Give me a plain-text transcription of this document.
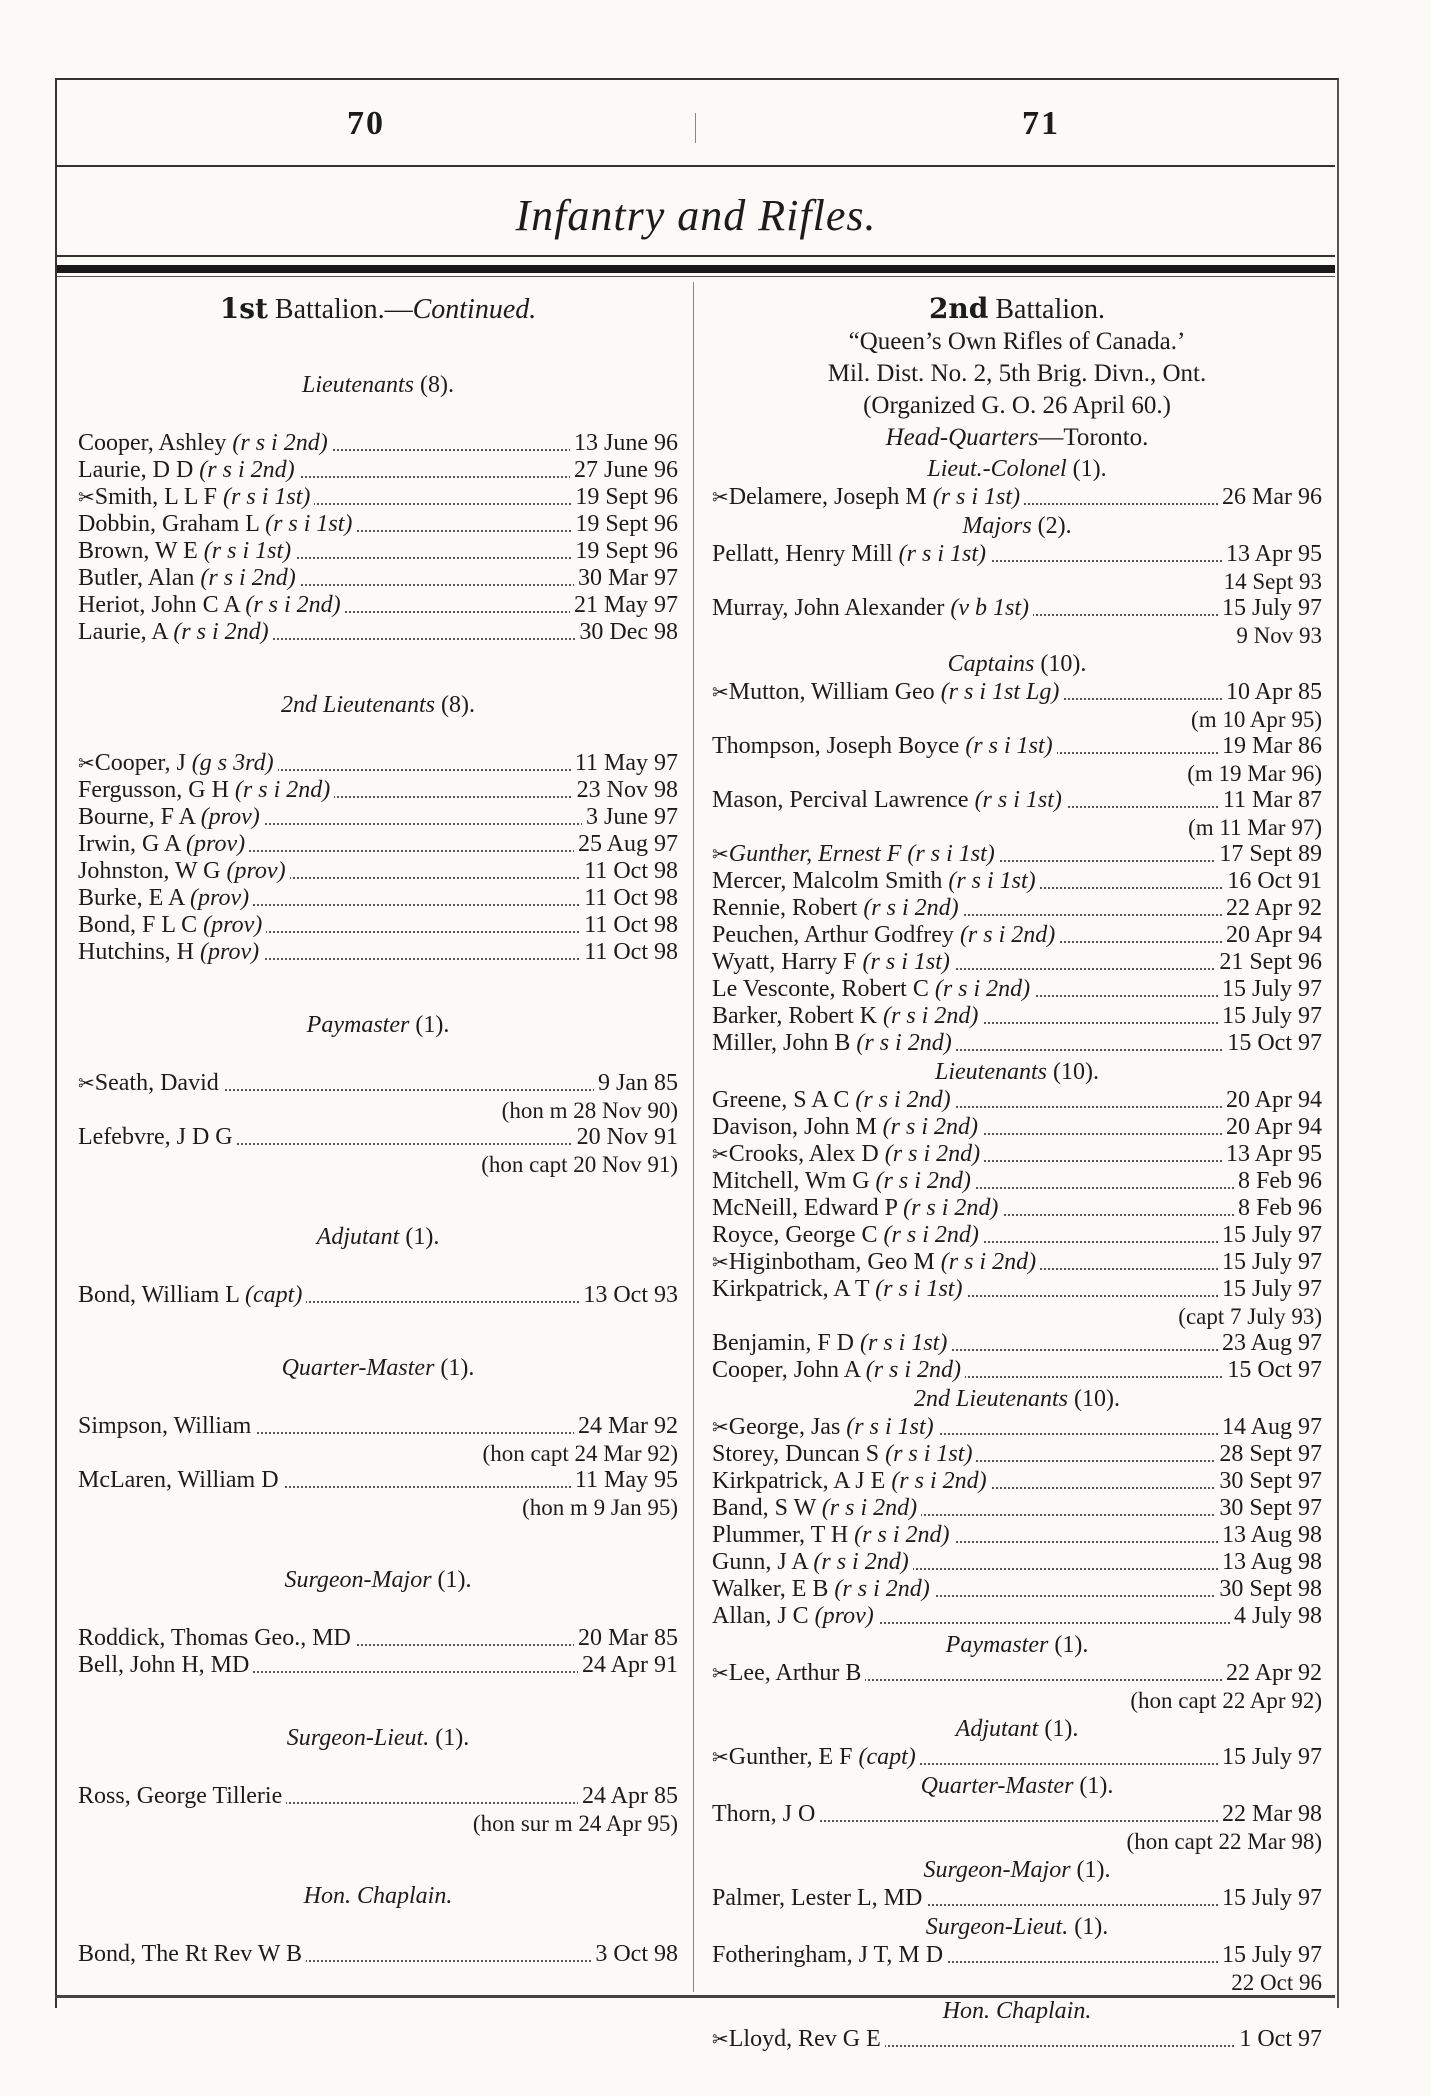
70	71
Infantry and Rifles.
1st Battalion.—Continued.
Lieutenants (8).
Cooper, Ashley (r s i 2nd)	13 June 96
Laurie, D D (r s i 2nd)	27 June 96
✂Smith, L L F (r s i 1st)	19 Sept 96
Dobbin, Graham L (r s i 1st)	19 Sept 96
Brown, W E (r s i 1st)	19 Sept 96
Butler, Alan (r s i 2nd)	30 Mar 97
Heriot, John C A (r s i 2nd)	21 May 97
Laurie, A (r s i 2nd)	30 Dec 98
2nd Lieutenants (8).
✂Cooper, J (g s 3rd)	11 May 97
Fergusson, G H (r s i 2nd)	23 Nov 98
Bourne, F A (prov)	3 June 97
Irwin, G A (prov)	25 Aug 97
Johnston, W G (prov)	11 Oct 98
Burke, E A (prov)	11 Oct 98
Bond, F L C (prov)	11 Oct 98
Hutchins, H (prov)	11 Oct 98
Paymaster (1).
✂Seath, David	9 Jan 85
(hon m 28 Nov 90)
Lefebvre, J D G	20 Nov 91
(hon capt 20 Nov 91)
Adjutant (1).
Bond, William L (capt)	13 Oct 93
Quarter-Master (1).
Simpson, William	24 Mar 92
(hon capt 24 Mar 92)
McLaren, William D	11 May 95
(hon m 9 Jan 95)
Surgeon-Major (1).
Roddick, Thomas Geo., MD	20 Mar 85
Bell, John H, MD	24 Apr 91
Surgeon-Lieut. (1).
Ross, George Tillerie	24 Apr 85
(hon sur m 24 Apr 95)
Hon. Chaplain.
Bond, The Rt Rev W B	3 Oct 98
2nd Battalion.
“Queen’s Own Rifles of Canada.’
Mil. Dist. No. 2, 5th Brig. Divn., Ont.
(Organized G. O. 26 April 60.)
Head-Quarters—Toronto.
Lieut.-Colonel (1).
✂Delamere, Joseph M (r s i 1st)	26 Mar 96
Majors (2).
Pellatt, Henry Mill (r s i 1st)	13 Apr 95
14 Sept 93
Murray, John Alexander (v b 1st)	15 July 97
9 Nov 93
Captains (10).
✂Mutton, William Geo (r s i 1st Lg)	10 Apr 85
(m 10 Apr 95)
Thompson, Joseph Boyce (r s i 1st)	19 Mar 86
(m 19 Mar 96)
Mason, Percival Lawrence (r s i 1st)	11 Mar 87
(m 11 Mar 97)
✂Gunther, Ernest F (r s i 1st)	17 Sept 89
Mercer, Malcolm Smith (r s i 1st)	16 Oct 91
Rennie, Robert (r s i 2nd)	22 Apr 92
Peuchen, Arthur Godfrey (r s i 2nd)	20 Apr 94
Wyatt, Harry F (r s i 1st)	21 Sept 96
Le Vesconte, Robert C (r s i 2nd)	15 July 97
Barker, Robert K (r s i 2nd)	15 July 97
Miller, John B (r s i 2nd)	15 Oct 97
Lieutenants (10).
Greene, S A C (r s i 2nd)	20 Apr 94
Davison, John M (r s i 2nd)	20 Apr 94
✂Crooks, Alex D (r s i 2nd)	13 Apr 95
Mitchell, Wm G (r s i 2nd)	8 Feb 96
McNeill, Edward P (r s i 2nd)	8 Feb 96
Royce, George C (r s i 2nd)	15 July 97
✂Higinbotham, Geo M (r s i 2nd)	15 July 97
Kirkpatrick, A T (r s i 1st)	15 July 97
(capt 7 July 93)
Benjamin, F D (r s i 1st)	23 Aug 97
Cooper, John A (r s i 2nd)	15 Oct 97
2nd Lieutenants (10).
✂George, Jas (r s i 1st)	14 Aug 97
Storey, Duncan S (r s i 1st)	28 Sept 97
Kirkpatrick, A J E (r s i 2nd)	30 Sept 97
Band, S W (r s i 2nd)	30 Sept 97
Plummer, T H (r s i 2nd)	13 Aug 98
Gunn, J A (r s i 2nd)	13 Aug 98
Walker, E B (r s i 2nd)	30 Sept 98
Allan, J C (prov)	4 July 98
Paymaster (1).
✂Lee, Arthur B	22 Apr 92
(hon capt 22 Apr 92)
Adjutant (1).
✂Gunther, E F (capt)	15 July 97
Quarter-Master (1).
Thorn, J O	22 Mar 98
(hon capt 22 Mar 98)
Surgeon-Major (1).
Palmer, Lester L, MD	15 July 97
Surgeon-Lieut. (1).
Fotheringham, J T, M D	15 July 97
22 Oct 96
Hon. Chaplain.
✂Lloyd, Rev G E	1 Oct 97
